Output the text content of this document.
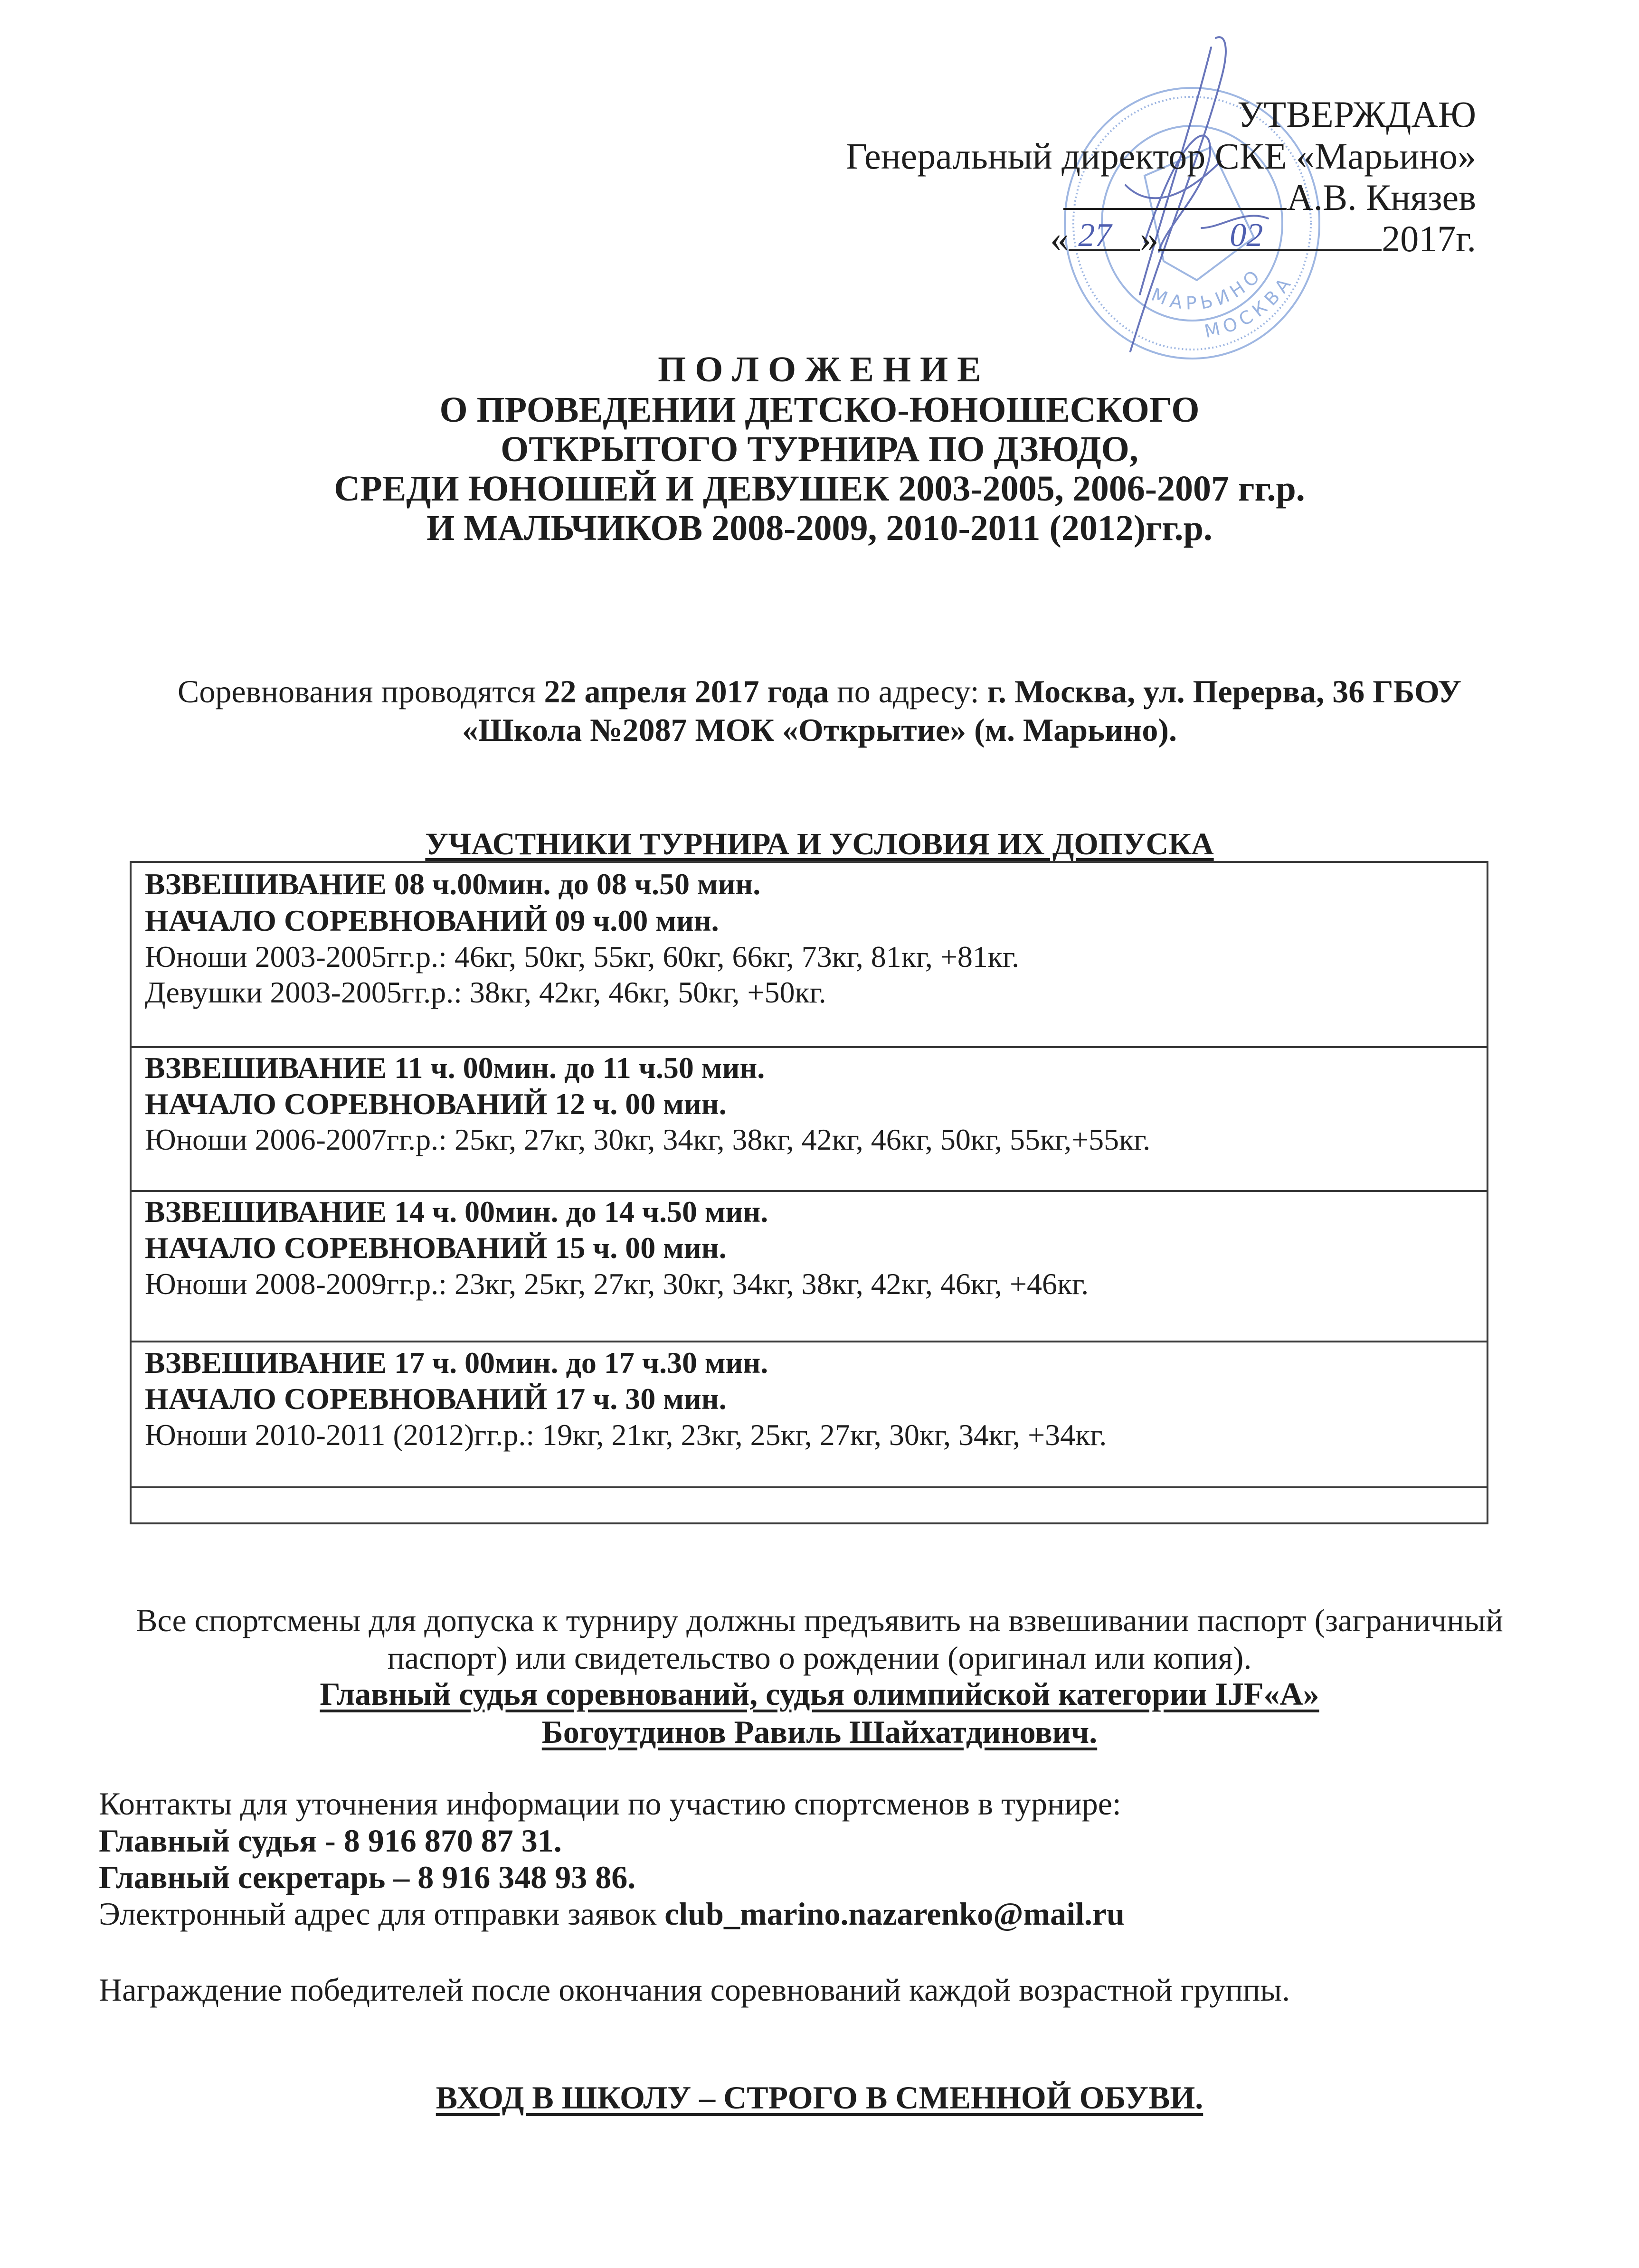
МАРЬИНО
МОСКВА
УТВЕРЖДАЮ
Генеральный директор СКЕ «Марьино»
А.В. Князев
« 27 » 02	2017г.
П О Л О Ж Е Н И Е
О ПРОВЕДЕНИИ ДЕТСКО-ЮНОШЕСКОГО
ОТКРЫТОГО ТУРНИРА ПО ДЗЮДО,
СРЕДИ ЮНОШЕЙ И ДЕВУШЕК 2003-2005, 2006-2007 гг.р.
И МАЛЬЧИКОВ 2008-2009, 2010-2011 (2012)гг.р.
Соревнования проводятся 22 апреля 2017 года по адресу: г. Москва, ул. Перерва, 36 ГБОУ
«Школа №2087 МОК «Открытие» (м. Марьино).
УЧАСТНИКИ ТУРНИРА И УСЛОВИЯ ИХ ДОПУСКА
ВЗВЕШИВАНИЕ 08 ч.00мин. до 08 ч.50 мин.
НАЧАЛО СОРЕВНОВАНИЙ 09 ч.00 мин.
Юноши 2003-2005гг.р.: 46кг, 50кг, 55кг, 60кг, 66кг, 73кг, 81кг, +81кг.
Девушки 2003-2005гг.р.: 38кг, 42кг, 46кг, 50кг, +50кг.
ВЗВЕШИВАНИЕ 11 ч. 00мин. до 11 ч.50 мин.
НАЧАЛО СОРЕВНОВАНИЙ 12 ч. 00 мин.
Юноши 2006-2007гг.р.: 25кг, 27кг, 30кг, 34кг, 38кг, 42кг, 46кг, 50кг, 55кг,+55кг.
ВЗВЕШИВАНИЕ 14 ч. 00мин. до 14 ч.50 мин.
НАЧАЛО СОРЕВНОВАНИЙ 15 ч. 00 мин.
Юноши 2008-2009гг.р.: 23кг, 25кг, 27кг, 30кг, 34кг, 38кг, 42кг, 46кг, +46кг.
ВЗВЕШИВАНИЕ 17 ч. 00мин. до 17 ч.30 мин.
НАЧАЛО СОРЕВНОВАНИЙ 17 ч. 30 мин.
Юноши 2010-2011 (2012)гг.р.: 19кг, 21кг, 23кг, 25кг, 27кг, 30кг, 34кг, +34кг.
Все спортсмены для допуска к турниру должны предъявить на взвешивании паспорт (заграничный
паспорт) или свидетельство о рождении (оригинал или копия).
Главный судья соревнований, судья олимпийской категории IJF«А»
Богоутдинов Равиль Шайхатдинович.
Контакты для уточнения информации по участию спортсменов в турнире:
Главный судья - 8 916 870 87 31.
Главный секретарь – 8 916 348 93 86.
Электронный адрес для отправки заявок club_marino.nazarenko@mail.ru
Награждение победителей после окончания соревнований каждой возрастной группы.
ВХОД В ШКОЛУ – СТРОГО В СМЕННОЙ ОБУВИ.
